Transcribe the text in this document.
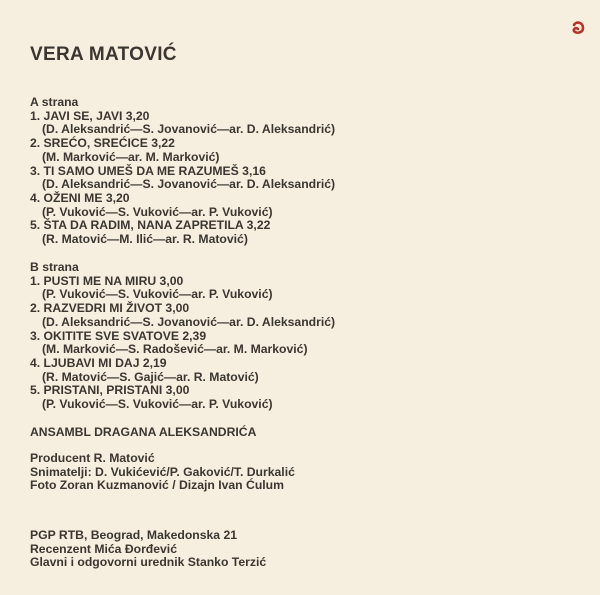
VERA MATOVIĆ
A strana
1. JAVI SE, JAVI 3,20
(D. Aleksandrić—S. Jovanović—ar. D. Aleksandrić)
2. SREĆO, SREĆICE 3,22
(M. Marković—ar. M. Marković)
3. TI SAMO UMEŠ DA ME RAZUMEŠ 3,16
(D. Aleksandrić—S. Jovanović—ar. D. Aleksandrić)
4. OŽENI ME 3,20
(P. Vuković—S. Vuković—ar. P. Vuković)
5. ŠTA DA RADIM, NANA ZAPRETILA 3,22
(R. Matović—M. Ilić—ar. R. Matović)
B strana
1. PUSTI ME NA MIRU 3,00
(P. Vuković—S. Vuković—ar. P. Vuković)
2. RAZVEDRI MI ŽIVOT 3,00
(D. Aleksandrić—S. Jovanović—ar. D. Aleksandrić)
3. OKITITE SVE SVATOVE 2,39
(M. Marković—S. Radošević—ar. M. Marković)
4. LJUBAVI MI DAJ 2,19
(R. Matović—S. Gajić—ar. R. Matović)
5. PRISTANI, PRISTANI 3,00
(P. Vuković—S. Vuković—ar. P. Vuković)
ANSAMBL DRAGANA ALEKSANDRIĆA
Producent R. Matović
Snimatelji: D. Vukićević/P. Gaković/T. Durkalić
Foto Zoran Kuzmanović / Dizajn Ivan Ćulum
PGP RTB, Beograd, Makedonska 21
Recenzent Mića Đorđević
Glavni i odgovorni urednik Stanko Terzić
